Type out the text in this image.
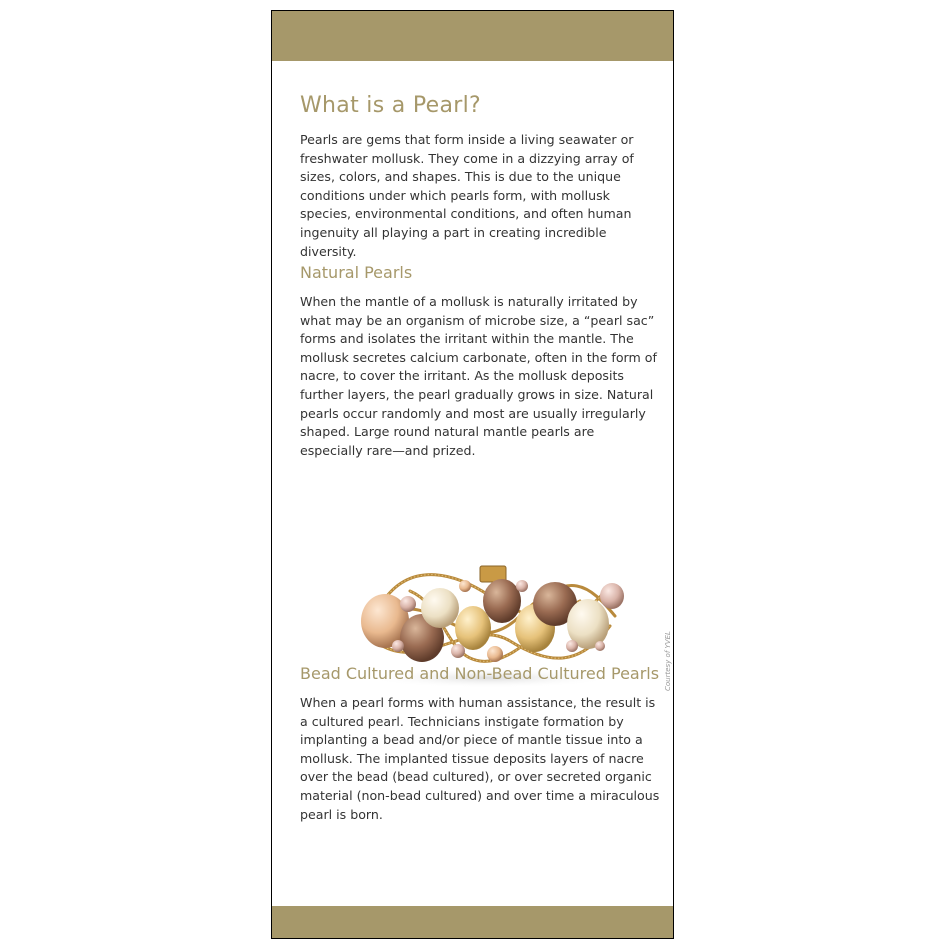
What is a Pearl?

Pearls are gems that form inside a living seawater or freshwater mollusk. They come in a dizzying array of sizes, colors, and shapes. This is due to the unique conditions under which pearls form, with mollusk species, environmental conditions, and often human ingenuity all playing a part in creating incredible diversity.

Natural Pearls

When the mantle of a mollusk is naturally irritated by what may be an organism of microbe size, a “pearl sac” forms and isolates the irritant within the mantle. The mollusk secretes calcium carbonate, often in the form of nacre, to cover the irritant. As the mollusk deposits further layers, the pearl gradually grows in size. Natural pearls occur randomly and most are usually irregularly shaped. Large round natural mantle pearls are especially rare—and prized.

Courtesy of YVEL
Bead Cultured and Non-Bead Cultured Pearls

When a pearl forms with human assistance, the result is a cultured pearl. Technicians instigate formation by implanting a bead and/or piece of mantle tissue into a mollusk. The implanted tissue deposits layers of nacre over the bead (bead cultured), or over secreted organic material (non-bead cultured) and over time a miraculous pearl is born.
